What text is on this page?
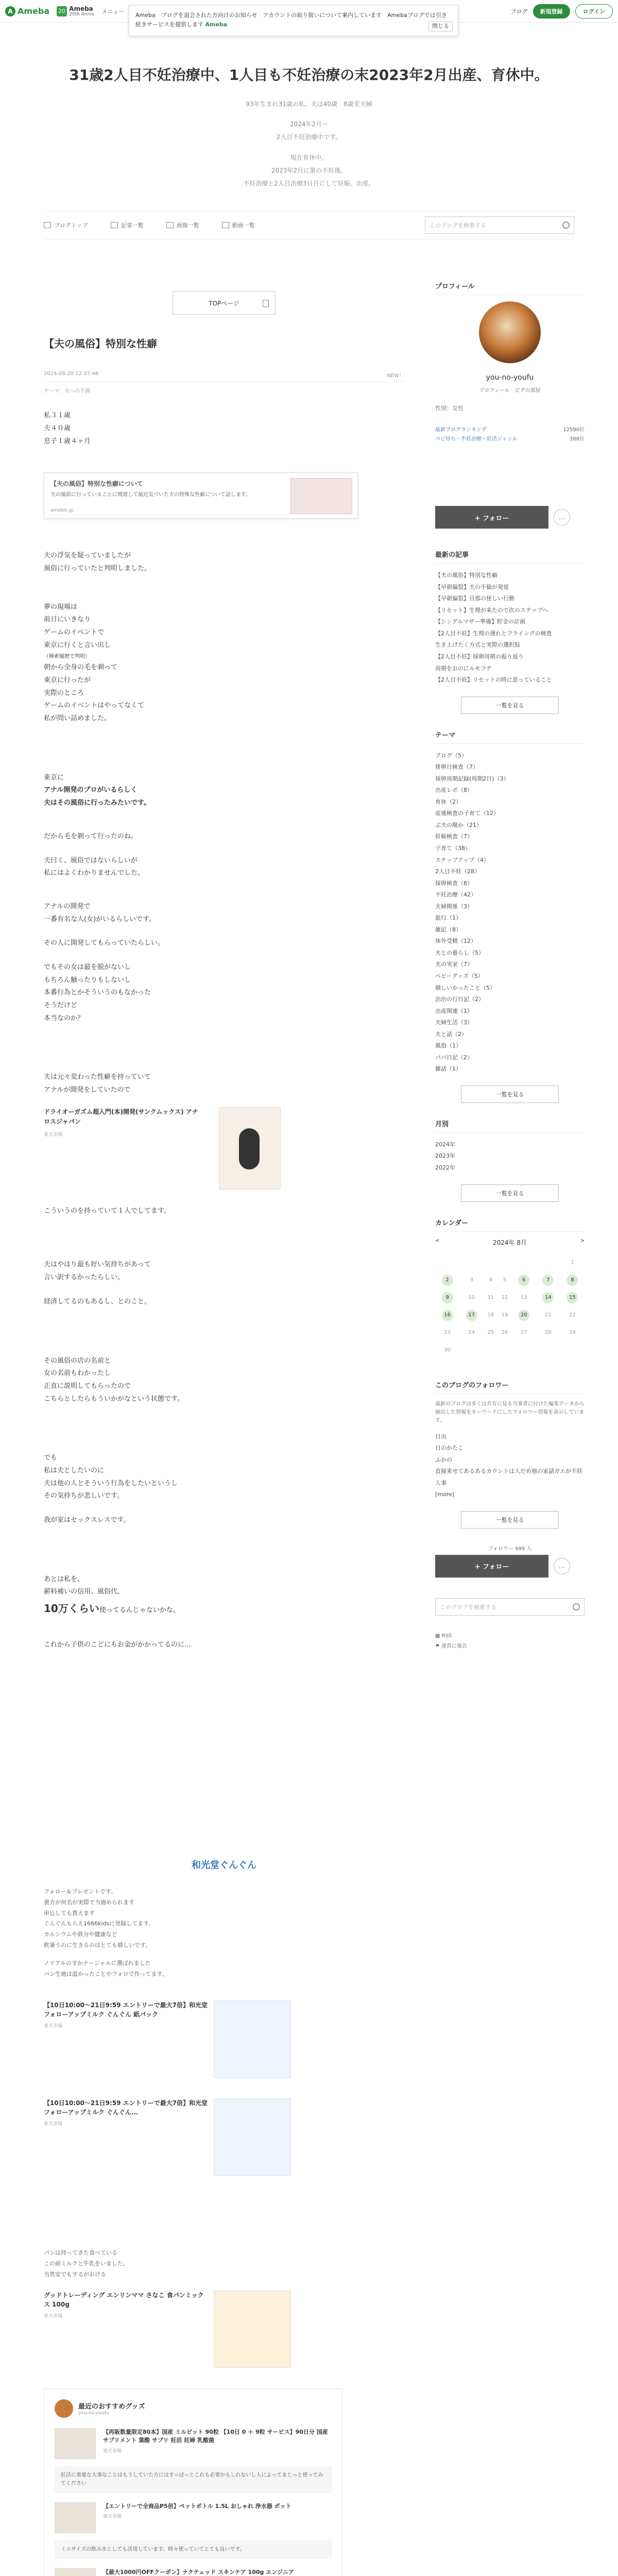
A Ameba 20 Ameba
20th Anniv. メニュー
Ameba　ブログを退会された方向けのお知らせ　アカウントの取り扱いについて案内しています　Amebaブログでは引き続きサービスを提供します Ameba	閉じる
ブログ	新規登録	ログイン
31歳2人目不妊治療中、1人目も不妊治療の末2023年2月出産、育休中。

93年生まれ31歳の私、夫は40歳　8歳差夫婦

2024年2月〜

2人目不妊治療中です。

現在育休中。

2023年2月に第の不妊後。

不妊治療と2人目治療3日目にして妊娠。出産。

ブログトップ	記事一覧	画像一覧	動画一覧	このブログを検索する
TOPページ
【夫の風俗】特別な性癖
2024-08-20 12:37:46	NEW！
テーマ：夫への不満

私３１歳

夫４０歳

息子１歳４ヶ月

【夫の風俗】特別な性癖について
夫の風俗に行っていることに関連して最近気づいた夫の特殊な性癖について話します。
ameblo.jp

夫の浮気を疑っていましたが

風俗に行っていたと判明しました。

夢の現場は

前日にいきなり

ゲームのイベントで

東京に行くと言い出し

（検索履歴で判明）

朝から全身の毛を剃って

東京に行ったが

実際のところ

ゲームのイベントはやってなくて

私が問い詰めました。

東京に

アナル開発のプロがいるらしく

夫はその風俗に行ったみたいです。

だから毛を剃って行ったのね。

夫曰く、風俗ではないらしいが

私にはよくわかりませんでした。

アナルの開発で

一番有名な人(女)がいるらしいです。

その人に開発してもらっていたらしい。

でもその女は最を脱がないし

もちろん触ったりもしないし

本番行為とかそういうのもなかった

そうだけど

本当なのか？

夫は元々変わった性癖を持っていて

アナルが開発をしていたので

ドライオーガズム超入門(本)開発(サンクムックス) アナロスジャパン
楽天市場

こういうのを持っていて１人でしてます。

夫はやはり最も好い気持ちがあって

言い訳するかったらしい。

経済してるのもあるし、とのこと。

その風俗の店の名前と

女の名前もわかったし

正直に説明してもらったので

こちらとしたらもういかがなという状態です。

でも

私は夫としたいのに

夫は他の人とそういう行為をしたいというし

その気持ちが悲しいです。

我が家はセックスレスです。

あとは私を、

薪料補いの信用、風俗代、

10万くらい使ってるんじゃないかな。

これから子供のこどにもお金がかかってるのに…

和光堂ぐんぐん

フォロー＆プレゼントです。

貴方が何名が実際で当施められます

申込しても貰えます

ぐんぐんもらえ1666kidsに登録してます。

カルシウムや鉄分や健康など

飲暑うのに生きるのはとても嬉しいです。

ノリアルのすかナージャルに選ばれました

パン生地は温かったことやフォロで作ってます。

【10日10:00〜21日9:59 エントリーで最大7倍】和光堂 フォローアップミルク ぐんぐん 紙パック
楽天市場
【10日10:00〜21日9:59 エントリーで最大7倍】和光堂 フォローアップミルク ぐんぐん...
楽天市場

パンは持ってきた食べている

この前ミルクと牛乳をいました。

当然安でもするがおける

グッドトレーディング エンリンママ さなこ 食パンミックス 100g
楽天市場
最近のおすすめグッズ
you-no-youfu
【再販数量限定80本】国産 ミルビット 90粒 【10日 0 ＋ 9粒 サービス】90日分 国産 サプリメント 葉酸 サプリ 妊活 妊婦 乳酸菌
楽天市場
妊活に重要な大事なことはもうしていた方にはすっぽっとこれも必要かもしれないし人によってまじっと使ってみてください
【エントリーで全商品P5倍】ペットボトル 1.5L おしゃれ 浄水器 ポット
楽天市場
ミニサイズの飲み水としても活用しています。時々使っていてとても良いです。
【最大1000円OFFクーポン】ナクテェッド スキンケア 100g エンジニア
プロフィール
you-no-youfu
プロフィール　ピグの部屋
性別：女性
最新ブログランキング	12590位
ベビ待ち・不妊治療・妊活ジャンル	388位
+ フォロー	…
最新の記事
【夫の風俗】特別な性癖
【早朝偏裂】夫の不倫が発覚
【早朝偏裂】旦那の怪しい行動
【リセット】生理が来たので次のステップへ
【シングルマザー準備】貯金の計画
【2人目不妊】生理の遅れとフライングの検査
生き上げたく方式と実際の選択肢
【2人目不妊】採卵周期の振り返り
周期をおのにルモフテ
【2人目不妊】リセットの時に思っていること
一覧を見る
テーマ
ブログ（5）
排卵日検査（7）
採卵周期記録(周期2日)（3）
出産レポ（8）
育休（2）
産後検査の子育て（12）
ぶ夫の喘か（21）
妊娠検査（7）
子育て（38）
ステップアップ（4）
2人目不妊（28）
採卵検査（8）
不妊治療（42）
夫婦関係（3）
旅行（1）
雑記（8）
体外受精（12）
夫との暮らし（5）
夫の実家（7）
ベビーグッズ（5）
嬉しいかったこと（5）
治治の行日記（2）
出産関連（1）
夫婦生活（3）
夫と話（2）
風俗（1）
パパ日記（2）
雑話（1）
一覧を見る
月別
2024年
2023年
2022年
一覧を見る
カレンダー
<	2024年 8月	>
						1
2	3	4	5	6	7	8
9	10	11	12	13	14	15
16	17	18	19	20	21	22
23	24	25	26	27	28	29
30						
このブログのフォロワー
最新のブログは多くは共有に見る当事者に付けた編集データから抽出した情報をキーワードにしたフォロワー情報を表示しています。
日出
日のかたこ
ふかの
直接来せてあるあるカウントは人だめ他の家話ガエが不妊人事
[more]
一覧を見る
フォロワー 999 人
+ フォロー	…
このブログを検索する
▦ RSS
⚑ 運営に報告
